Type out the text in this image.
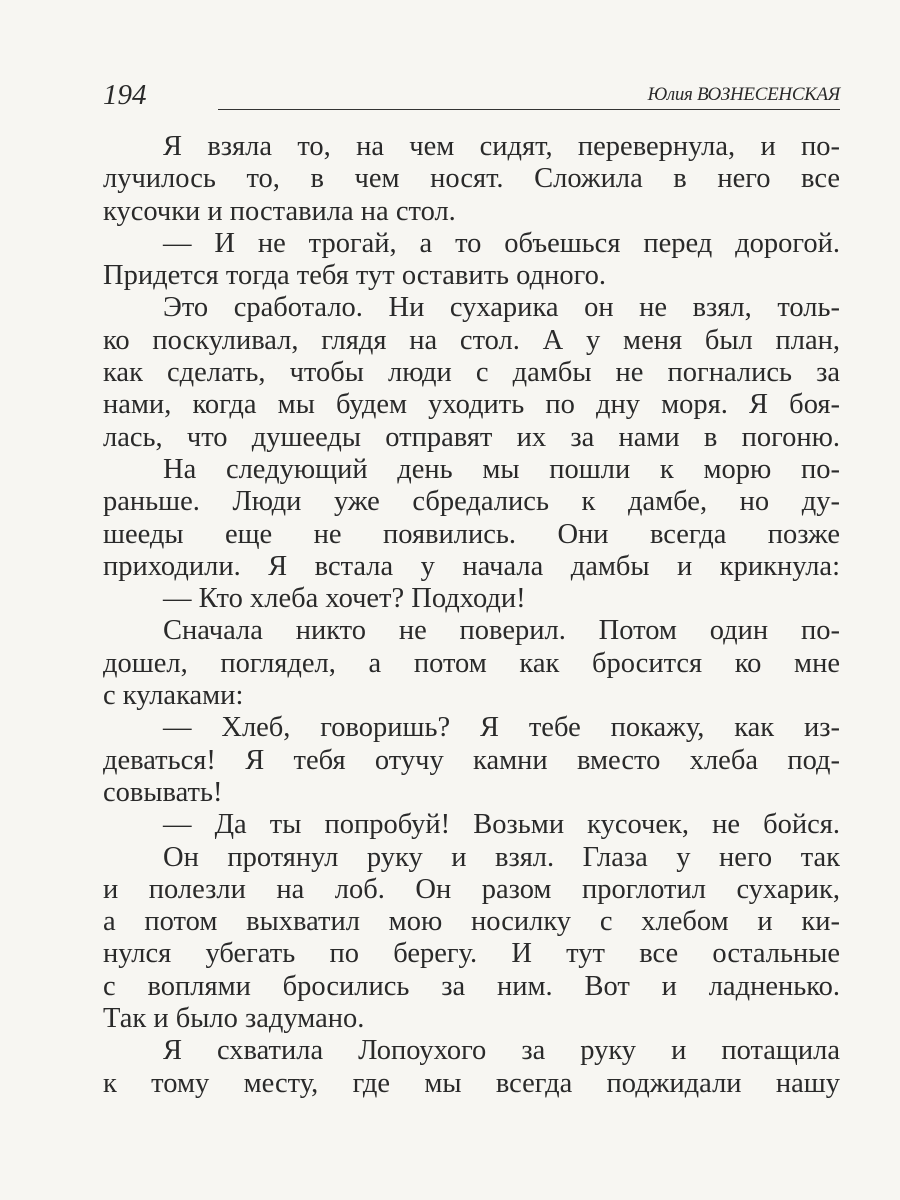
194	Юлия ВОЗНЕСЕНСКАЯ
Я взяла то, на чем сидят, перевернула, и по-
лучилось то, в чем носят. Сложила в него все
кусочки и поставила на стол.
— И не трогай, а то объешься перед дорогой.
Придется тогда тебя тут оставить одного.
Это сработало. Ни сухарика он не взял, толь-
ко поскуливал, глядя на стол. А у меня был план,
как сделать, чтобы люди с дамбы не погнались за
нами, когда мы будем уходить по дну моря. Я боя-
лась, что душееды отправят их за нами в погоню.
На следующий день мы пошли к морю по-
раньше. Люди уже сбредались к дамбе, но ду-
шееды еще не появились. Они всегда позже
приходили. Я встала у начала дамбы и крикнула:
— Кто хлеба хочет? Подходи!
Сначала никто не поверил. Потом один по-
дошел, поглядел, а потом как бросится ко мне
с кулаками:
— Хлеб, говоришь? Я тебе покажу, как из-
деваться! Я тебя отучу камни вместо хлеба под-
совывать!
— Да ты попробуй! Возьми кусочек, не бойся.
Он протянул руку и взял. Глаза у него так
и полезли на лоб. Он разом проглотил сухарик,
а потом выхватил мою носилку с хлебом и ки-
нулся убегать по берегу. И тут все остальные
с воплями бросились за ним. Вот и ладненько.
Так и было задумано.
Я схватила Лопоухого за руку и потащила
к тому месту, где мы всегда поджидали нашу
